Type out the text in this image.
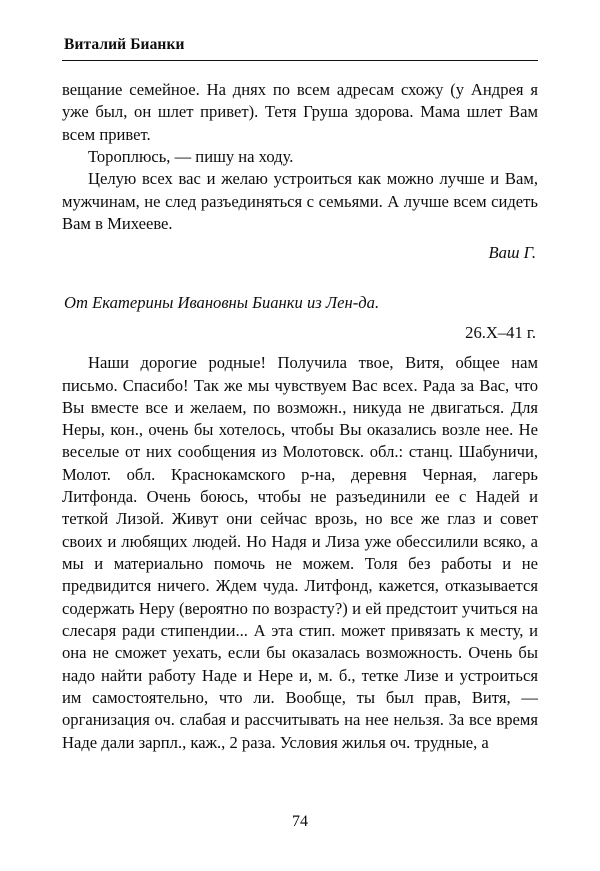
Виталий Бианки

вещание семейное. На днях по всем адресам схожу (у Андрея я уже был, он шлет привет). Тетя Груша здорова. Мама шлет Вам всем привет.

Тороплюсь, — пишу на ходу.

Целую всех вас и желаю устроиться как можно лучше и Вам, мужчинам, не след разъединяться с семьями. А лучше всем сидеть Вам в Михееве.

Ваш Г.
От Екатерины Ивановны Бианки из Лен-да.
26.X–41 г.

Наши дорогие родные! Получила твое, Витя, общее нам письмо. Спасибо! Так же мы чувствуем Вас всех. Рада за Вас, что Вы вместе все и желаем, по возможн., никуда не двигаться. Для Неры, кон., очень бы хотелось, чтобы Вы оказались возле нее. Не веселые от них сообщения из Молотовск. обл.: станц. Шабуничи, Молот. обл. Краснокамского р-на, деревня Черная, лагерь Литфонда. Очень боюсь, чтобы не разъединили ее с Надей и теткой Лизой. Живут они сейчас врозь, но все же глаз и совет своих и любящих людей. Но Надя и Лиза уже обессилили всяко, а мы и материально помочь не можем. Толя без работы и не предвидится ничего. Ждем чуда. Литфонд, кажется, отказывается содержать Неру (вероятно по возрасту?) и ей предстоит учиться на слесаря ради стипендии... А эта стип. может привязать к месту, и она не сможет уехать, если бы оказалась возможность. Очень бы надо найти работу Наде и Нере и, м. б., тетке Лизе и устроиться им самостоятельно, что ли. Вообще, ты был прав, Витя, — организация оч. слабая и рассчитывать на нее нельзя. За все время Наде дали зарпл., каж., 2 раза. Условия жилья оч. трудные, а

74
